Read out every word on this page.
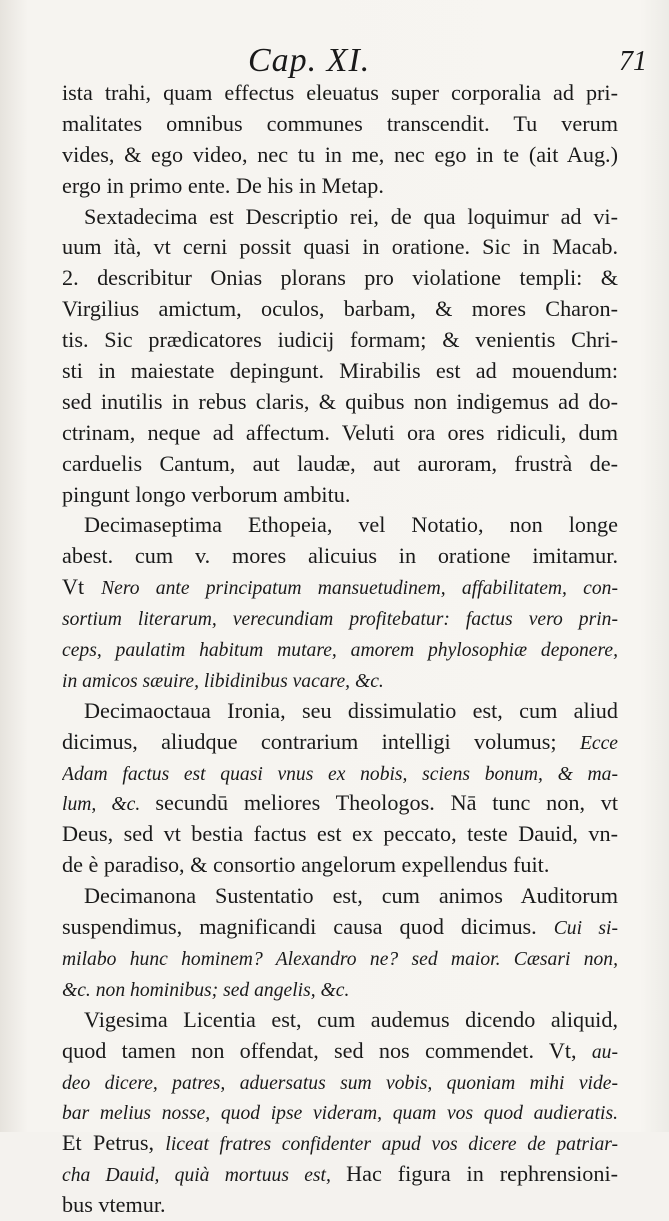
Cap. XI.	71
ista trahi, quam effectus eleuatus super corporalia ad pri-
malitates omnibus communes transcendit. Tu verum
vides, & ego video, nec tu in me, nec ego in te (ait Aug.)
ergo in primo ente. De his in Metap.
Sextadecima est Descriptio rei, de qua loquimur ad vi-
uum ità, vt cerni possit quasi in oratione. Sic in Macab.
2. describitur Onias plorans pro violatione templi: &
Virgilius amictum, oculos, barbam, & mores Charon-
tis. Sic prædicatores iudicij formam; & venientis Chri-
sti in maiestate depingunt. Mirabilis est ad mouendum:
sed inutilis in rebus claris, & quibus non indigemus ad do-
ctrinam, neque ad affectum. Veluti ora ores ridiculi, dum
carduelis Cantum, aut laudæ, aut auroram, frustrà de-
pingunt longo verborum ambitu.
Decimaseptima Ethopeia, vel Notatio, non longe
abest. cum v. mores alicuius in oratione imitamur.
Vt Nero ante principatum mansuetudinem, affabilitatem, con-
sortium literarum, verecundiam profitebatur: factus vero prin-
ceps, paulatim habitum mutare, amorem phylosophiæ deponere,
in amicos sæuire, libidinibus vacare, &c.
Decimaoctaua Ironia, seu dissimulatio est, cum aliud
dicimus, aliudque contrarium intelligi volumus; Ecce
Adam factus est quasi vnus ex nobis, sciens bonum, & ma-
lum, &c. secundū meliores Theologos. Nā tunc non, vt
Deus, sed vt bestia factus est ex peccato, teste Dauid, vn-
de è paradiso, & consortio angelorum expellendus fuit.
Decimanona Sustentatio est, cum animos Auditorum
suspendimus, magnificandi causa quod dicimus. Cui si-
milabo hunc hominem? Alexandro ne? sed maior. Cæsari non,
&c. non hominibus; sed angelis, &c.
Vigesima Licentia est, cum audemus dicendo aliquid,
quod tamen non offendat, sed nos commendet. Vt, au-
deo dicere, patres, aduersatus sum vobis, quoniam mihi vide-
bar melius nosse, quod ipse videram, quam vos quod audieratis.
Et Petrus, liceat fratres confidenter apud vos dicere de patriar-
cha Dauid, quià mortuus est, Hac figura in rephrensioni-
bus vtemur.
